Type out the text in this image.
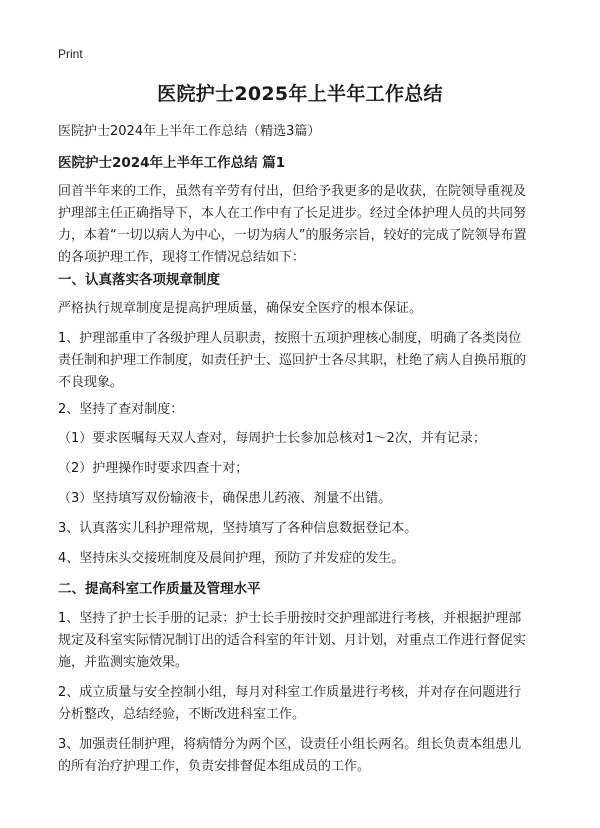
Print
医院护士2025年上半年工作总结
医院护士2024年上半年工作总结（精选3篇）
医院护士2024年上半年工作总结 篇1
回首半年来的工作，虽然有辛劳有付出，但给予我更多的是收获，在院领导重视及
护理部主任正确指导下，本人在工作中有了长足进步。经过全体护理人员的共同努
力，本着“一切以病人为中心，一切为病人”的服务宗旨，较好的完成了院领导布置
的各项护理工作，现将工作情况总结如下：
一、认真落实各项规章制度
严格执行规章制度是提高护理质量，确保安全医疗的根本保证。
1、护理部重申了各级护理人员职责，按照十五项护理核心制度，明确了各类岗位
责任制和护理工作制度，如责任护士、巡回护士各尽其职，杜绝了病人自换吊瓶的
不良现象。
2、坚持了查对制度：
（1）要求医嘱每天双人查对，每周护士长参加总核对1～2次，并有记录；
（2）护理操作时要求四查十对；
（3）坚持填写双份输液卡，确保患儿药液、剂量不出错。
3、认真落实儿科护理常规，坚持填写了各种信息数据登记本。
4、坚持床头交接班制度及晨间护理，预防了并发症的发生。
二、提高科室工作质量及管理水平
1、坚持了护士长手册的记录：护士长手册按时交护理部进行考核，并根据护理部
规定及科室实际情况制订出的适合科室的年计划、月计划，对重点工作进行督促实
施，并监测实施效果。
2、成立质量与安全控制小组，每月对科室工作质量进行考核，并对存在问题进行
分析整改，总结经验，不断改进科室工作。
3、加强责任制护理，将病情分为两个区，设责任小组长两名。组长负责本组患儿
的所有治疗护理工作，负责安排督促本组成员的工作。
